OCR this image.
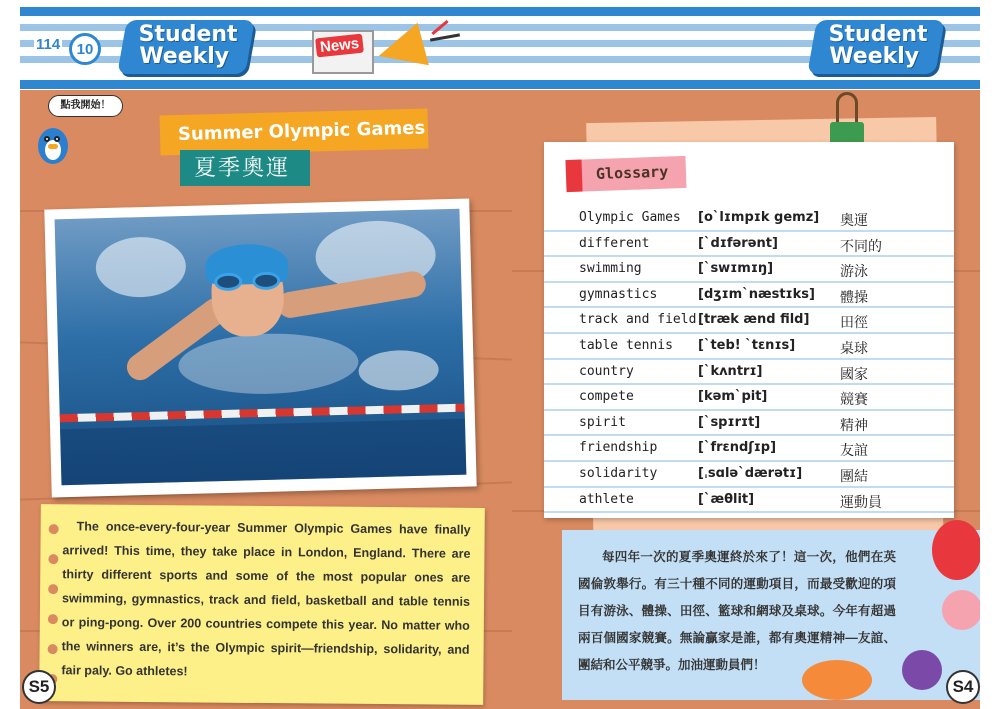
114	10
Student
Weekly	News	Student
Weekly
點我開始！
Summer Olympic Games
夏季奧運

The once-every-four-year Summer Olympic Games have finally arrived! This time, they take place in London, England. There are thirty different sports and some of the most popular ones are swimming, gymnastics, track and field, basketball and table tennis or ping-pong. Over 200 countries compete this year. No matter who the winners are, it’s the Olympic spirit—friendship, solidarity, and fair paly. Go athletes!

S5
Glossary
Olympic Games [o`lɪmpɪk gemz] 奧運
different	[`dɪfərənt]	不同的
swimming	[`swɪmɪŋ]	游泳
gymnastics	[dʒɪm`næstɪks] 體操
track and field [træk ænd fild] 田徑
table tennis [`teb! `tɛnɪs]	桌球
country	[`kʌntrɪ]	國家
compete	[kəm`pit]	競賽
spirit	[`spɪrɪt]	精神
friendship	[`frɛndʃɪp]	友誼
solidarity	[ˌsɑlə`dærətɪ]	團結
athlete	[`æθlit]	運動員

每四年一次的夏季奧運終於來了！這一次，他們在英國倫敦舉行。有三十種不同的運動項目，而最受歡迎的項目有游泳、體操、田徑、籃球和網球及桌球。今年有超過兩百個國家競賽。無論贏家是誰，都有奧運精神—友誼、團結和公平競爭。加油運動員們！

S4
